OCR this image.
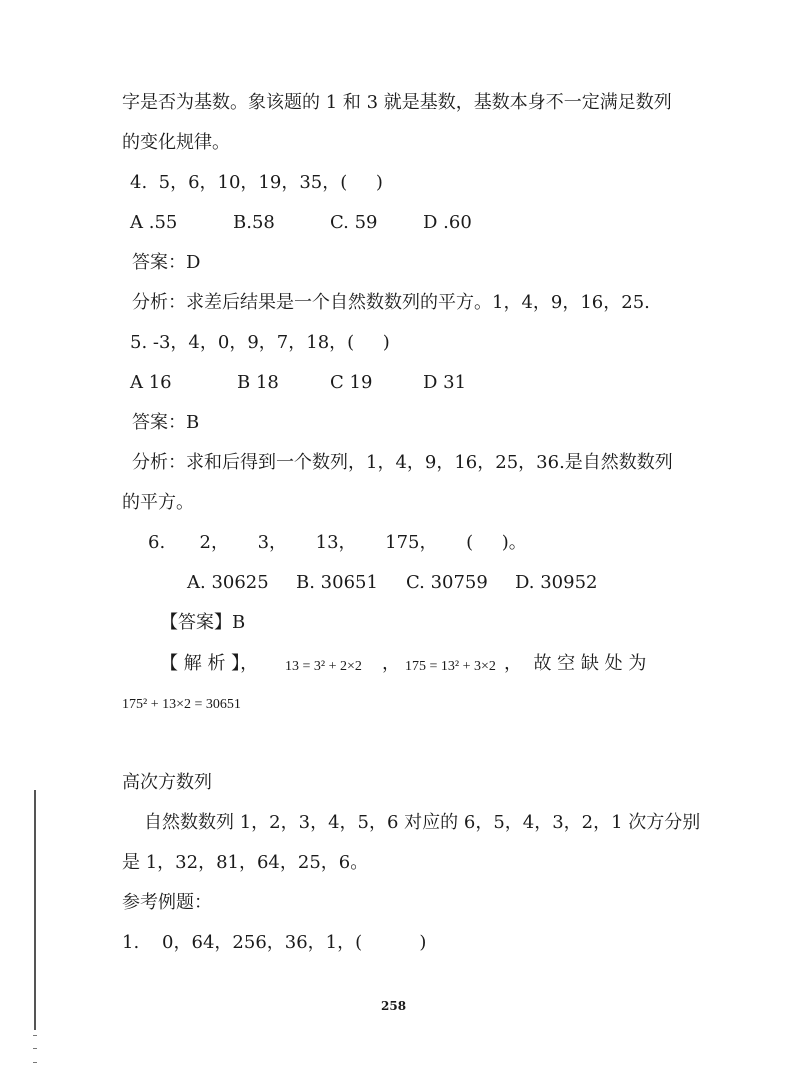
字是否为基数。象该题的 1 和 3 就是基数，基数本身不一定满足数列
的变化规律。
4.  5，6，10，19，35，(     )
A .55	B.58	C. 59	D .60
答案：D
分析：求差后结果是一个自然数数列的平方。1，4，9，16，25.
5. -3，4，0，9，7，18，(     )
A 16	B 18	C 19	D 31
答案：B
分析：求和后得到一个数列，1，4，9，16，25，36.是自然数数列
的平方。
6.      2，     3，     13，     175，     (     )。
A. 30625 B. 30651 C. 30759 D. 30952
【答案】B
【 解 析 】， 13 = 3² + 2×2 ， 175 = 13² + 3×2 ，  故 空 缺 处 为
175² + 13×2 = 30651
高次方数列
自然数数列 1，2，3，4，5，6 对应的 6，5，4，3，2，1 次方分别
是 1，32，81，64，25，6。
参考例题：
1.    0，64，256，36，1，(          )
258
